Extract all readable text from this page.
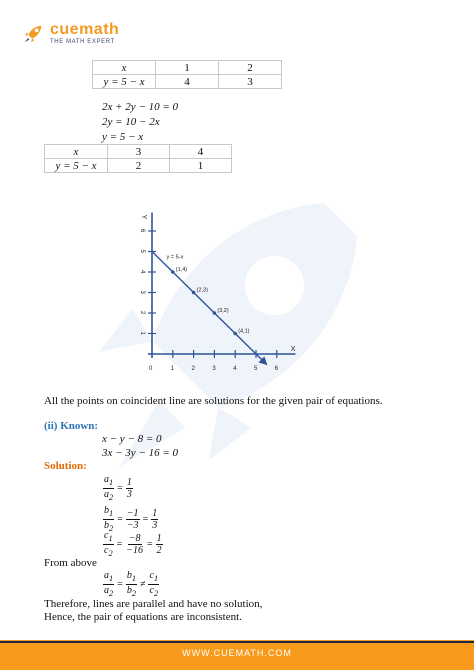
cuemath
THE MATH EXPERT
x	1	2
y = 5 − x	4	3
2x + 2y − 10 = 0
2y = 10 − 2x
y = 5 − x
x	3	4
y = 5 − x	2	1
0	1	2	3	4	5	6
1
2
3
4
5
6
X
Y
y = 5-x
(1,4)
(2,3)
(3,2)
(4,1)
All the points on coincident line are solutions for the given pair of equations.
(ii) Known:
x − y − 8 = 0
3x − 3y − 16 = 0
Solution:
$\frac{a_1}{a_2} = \frac{1}{3}$
$\frac{b_1}{b_2} = \frac{-1}{-3} = \frac{1}{3}$
$\frac{c_1}{c_2} = \frac{-8}{-16} = \frac{1}{2}$
From above
$\frac{a_1}{a_2} = \frac{b_1}{b_2}$ ≠
$c_1$
$c_2$
Therefore, lines are parallel and have no solution,
Hence, the pair of equations are inconsistent.
WWW.CUEMATH.COM
